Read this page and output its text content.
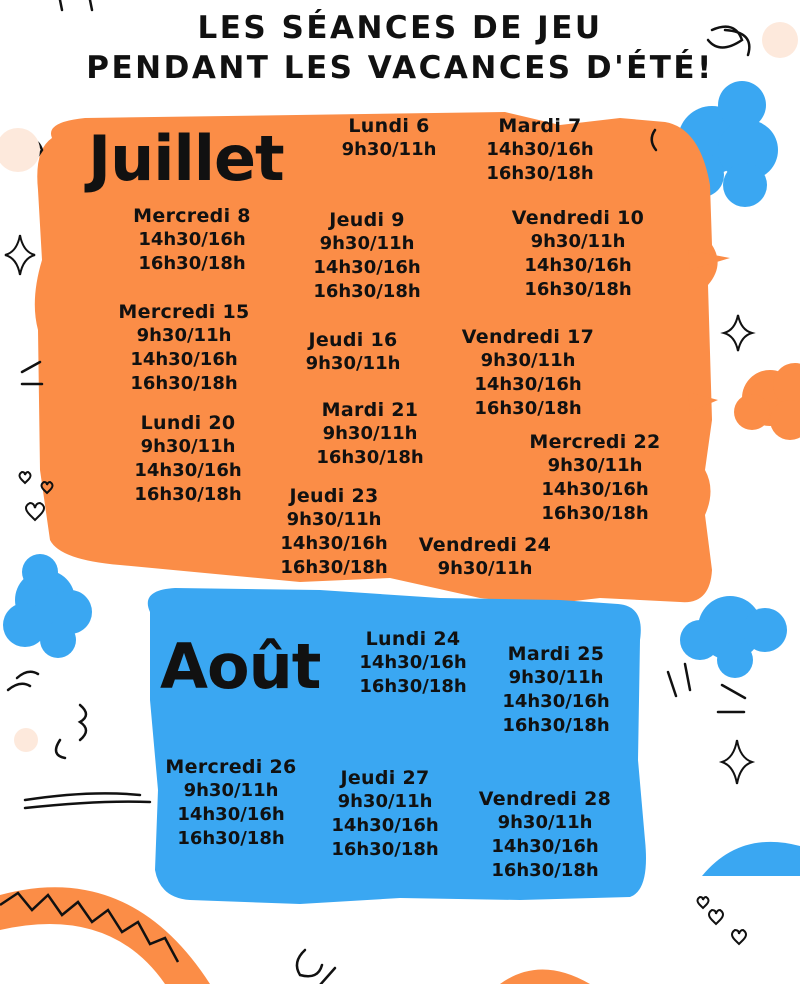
LES SÉANCES DE JEU
PENDANT LES VACANCES D'ÉTÉ!
Juillet
Août
Lundi 6
9h30/11h
Mardi 7
14h30/16h
16h30/18h
Mercredi 8
14h30/16h
16h30/18h
Jeudi 9
9h30/11h
14h30/16h
16h30/18h
Vendredi 10
9h30/11h
14h30/16h
16h30/18h
Mercredi 15
9h30/11h
14h30/16h
16h30/18h
Jeudi 16
9h30/11h
Vendredi 17
9h30/11h
14h30/16h
16h30/18h
Lundi 20
9h30/11h
14h30/16h
16h30/18h
Mardi 21
9h30/11h
16h30/18h
Mercredi 22
9h30/11h
14h30/16h
16h30/18h
Jeudi 23
9h30/11h
14h30/16h
16h30/18h
Vendredi 24
9h30/11h
Lundi 24
14h30/16h
16h30/18h
Mardi 25
9h30/11h
14h30/16h
16h30/18h
Mercredi 26
9h30/11h
14h30/16h
16h30/18h
Jeudi 27
9h30/11h
14h30/16h
16h30/18h
Vendredi 28
9h30/11h
14h30/16h
16h30/18h
